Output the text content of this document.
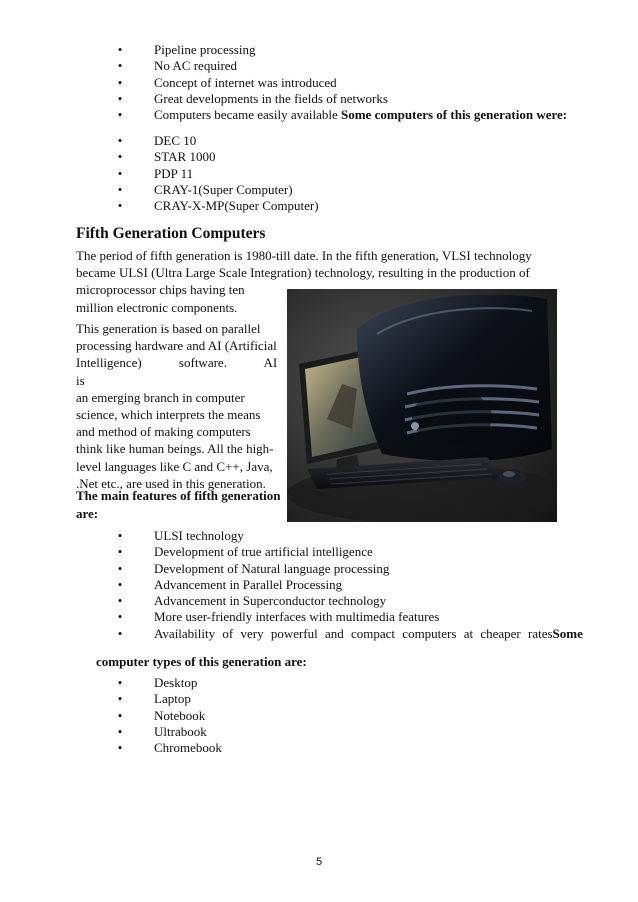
• Pipeline processing
• No AC required
• Concept of internet was introduced
• Great developments in the fields of networks
• Computers became easily available Some computers of this generation were:
• DEC 10
• STAR 1000
• PDP 11
• CRAY-1(Super Computer)
• CRAY-X-MP(Super Computer)
Fifth Generation Computers

The period of fifth generation is 1980-till date. In the fifth generation, VLSI technology
became ULSI (Ultra Large Scale Integration) technology, resulting in the production of
microprocessor chips having ten
million electronic components.

This generation is based on parallel
processing hardware and AI (Artificial
Intelligence) software. AI is
an emerging branch in computer
science, which interprets the means
and method of making computers
think like human beings. All the high-
level languages like C and C++, Java,
.Net etc., are used in this generation.
The main features of fifth generation
are:
• ULSI technology
• Development of true artificial intelligence
• Development of Natural language processing
• Advancement in Parallel Processing
• Advancement in Superconductor technology
• More user-friendly interfaces with multimedia features
• Availability of very powerful and compact computers at cheaper rates Some
computer types of this generation are:
• Desktop
• Laptop
• Notebook
• Ultrabook
• Chromebook
5
